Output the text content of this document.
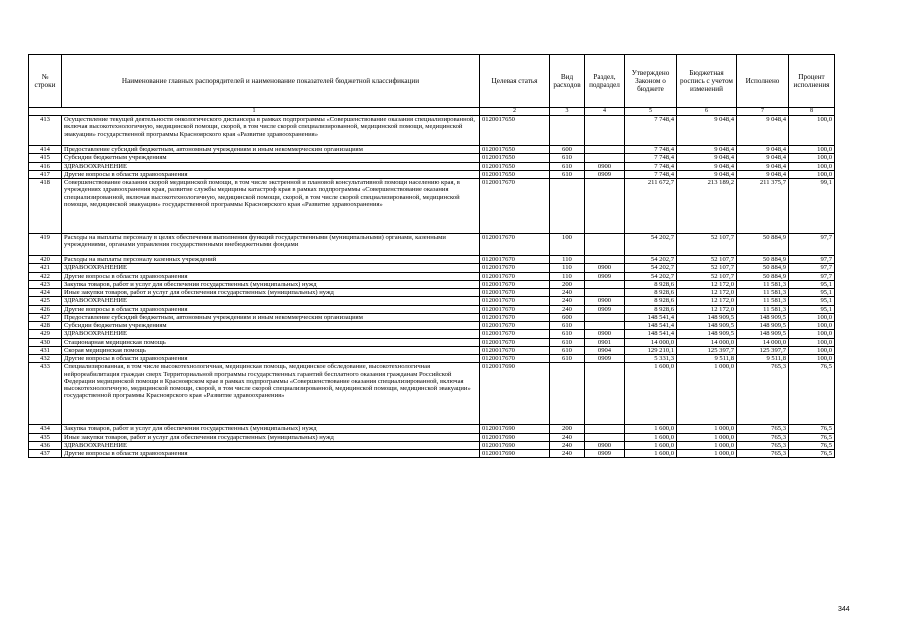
№ строки	Наименование главных распорядителей и наименование показателей бюджетной классификации	Целевая статья	Вид расходов	Раздел, подраздел	Утверждено Законом о бюджете	Бюджетная роспись с учетом изменений	Исполнено	Процент исполнения
1		2	3	4	5	6	7	8
413	Осуществление текущей деятельности онкологического диспансера в рамках подпрограммы «Совершенствование оказания специализированной, включая высокотехнологичную, медицинской помощи, скорой, в том числе скорой специализированной, медицинской помощи, медицинской эвакуации» государственной программы Красноярского края «Развитие здравоохранения»	0120017650			7 748,4	9 048,4	9 048,4	100,0
414	Предоставление субсидий бюджетным, автономным учреждениям и иным некоммерческим организациям	0120017650	600		7 748,4	9 048,4	9 048,4	100,0
415	Субсидии бюджетным учреждениям	0120017650	610		7 748,4	9 048,4	9 048,4	100,0
416	ЗДРАВООХРАНЕНИЕ	0120017650	610	0900	7 748,4	9 048,4	9 048,4	100,0
417	Другие вопросы в области здравоохранения	0120017650	610	0909	7 748,4	9 048,4	9 048,4	100,0
418	Совершенствование оказания скорой медицинской помощи, в том числе экстренной и плановой консультативной помощи населению края, в учреждениях здравоохранения края, развитие службы медицины катастроф края в рамках подпрограммы «Совершенствование оказания специализированной, включая высокотехнологичную, медицинской помощи, скорой, в том числе скорой специализированной, медицинской помощи, медицинской эвакуации» государственной программы Красноярского края «Развитие здравоохранения»	0120017670			211 672,7	213 189,2	211 375,7	99,1
419	Расходы на выплаты персоналу в целях обеспечения выполнения функций государственными (муниципальными) органами, казенными учреждениями, органами управления государственными внебюджетными фондами	0120017670	100		54 202,7	52 107,7	50 884,9	97,7
420	Расходы на выплаты персоналу казенных учреждений	0120017670	110		54 202,7	52 107,7	50 884,9	97,7
421	ЗДРАВООХРАНЕНИЕ	0120017670	110	0900	54 202,7	52 107,7	50 884,9	97,7
422	Другие вопросы в области здравоохранения	0120017670	110	0909	54 202,7	52 107,7	50 884,9	97,7
423	Закупка товаров, работ и услуг для обеспечения государственных (муниципальных) нужд	0120017670	200		8 928,6	12 172,0	11 581,3	95,1
424	Иные закупки товаров, работ и услуг для обеспечения государственных (муниципальных) нужд	0120017670	240		8 928,6	12 172,0	11 581,3	95,1
425	ЗДРАВООХРАНЕНИЕ	0120017670	240	0900	8 928,6	12 172,0	11 581,3	95,1
426	Другие вопросы в области здравоохранения	0120017670	240	0909	8 928,6	12 172,0	11 581,3	95,1
427	Предоставление субсидий бюджетным, автономным учреждениям и иным некоммерческим организациям	0120017670	600		148 541,4	148 909,5	148 909,5	100,0
428	Субсидии бюджетным учреждениям	0120017670	610		148 541,4	148 909,5	148 909,5	100,0
429	ЗДРАВООХРАНЕНИЕ	0120017670	610	0900	148 541,4	148 909,5	148 909,5	100,0
430	Стационарная медицинская помощь	0120017670	610	0901	14 000,0	14 000,0	14 000,0	100,0
431	Скорая медицинская помощь	0120017670	610	0904	129 210,1	125 397,7	125 397,7	100,0
432	Другие вопросы в области здравоохранения	0120017670	610	0909	5 331,3	9 511,8	9 511,8	100,0
433	Специализированная, в том числе высокотехнологичная, медицинская помощь, медицинское обследование, высокотехнологичная нейрореабилитация граждан сверх Территориальной программы государственных гарантий бесплатного оказания гражданам Российской Федерации медицинской помощи в Красноярском крае в рамках подпрограммы «Совершенствование оказания специализированной, включая высокотехнологичную, медицинской помощи, скорой, в том числе скорой специализированной, медицинской помощи, медицинской эвакуации» государственной программы Красноярского края «Развитие здравоохранения»	0120017690			1 600,0	1 000,0	765,3	76,5
434	Закупка товаров, работ и услуг для обеспечения государственных (муниципальных) нужд	0120017690	200		1 600,0	1 000,0	765,3	76,5
435	Иные закупки товаров, работ и услуг для обеспечения государственных (муниципальных) нужд	0120017690	240		1 600,0	1 000,0	765,3	76,5
436	ЗДРАВООХРАНЕНИЕ	0120017690	240	0900	1 600,0	1 000,0	765,3	76,5
437	Другие вопросы в области здравоохранения	0120017690	240	0909	1 600,0	1 000,0	765,3	76,5
344
